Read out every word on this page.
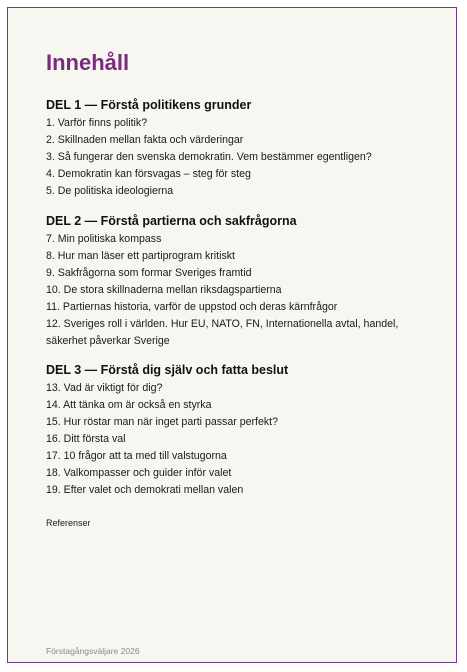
Innehåll
DEL 1 — Förstå politikens grunder
1. Varför finns politik?
2. Skillnaden mellan fakta och värderingar
3. Så fungerar den svenska demokratin. Vem bestämmer egentligen?
4. Demokratin kan försvagas – steg för steg
5. De politiska ideologierna
DEL 2 — Förstå partierna och sakfrågorna
7. Min politiska kompass
8. Hur man läser ett partiprogram kritiskt
9. Sakfrågorna som formar Sveriges framtid
10. De stora skillnaderna mellan riksdagspartierna
11. Partiernas historia, varför de uppstod och deras kärnfrågor
12. Sveriges roll i världen. Hur EU, NATO, FN, Internationella avtal, handel, säkerhet påverkar Sverige
DEL 3 — Förstå dig själv och fatta beslut
13. Vad är viktigt för dig?
14. Att tänka om är också en styrka
15. Hur röstar man när inget parti passar perfekt?
16. Ditt första val
17. 10 frågor att ta med till valstugorna
18. Valkompasser och guider inför valet
19. Efter valet och demokrati mellan valen
Referenser
Förstagångsväljare 2026
